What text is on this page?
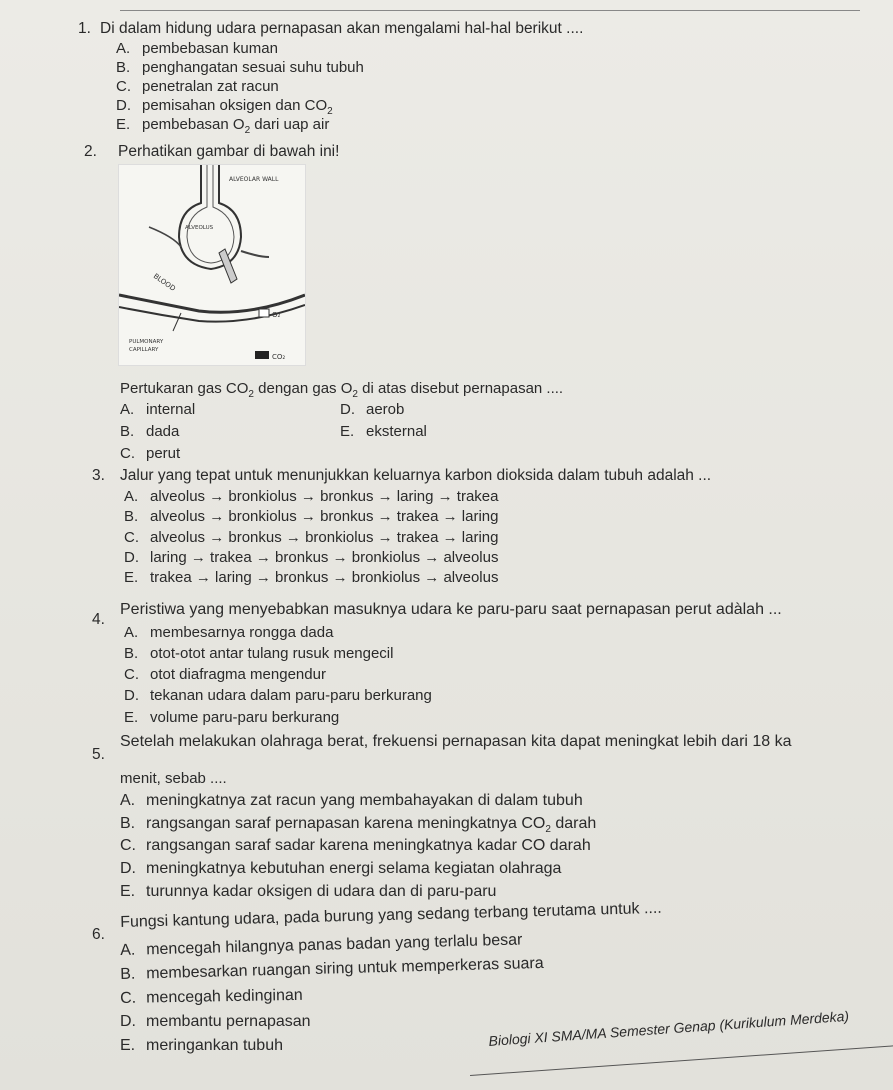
1. Di dalam hidung udara pernapasan akan mengalami hal-hal berikut ....
A. pembebasan kuman
B. penghangatan sesuai suhu tubuh
C. penetralan zat racun
D. pemisahan oksigen dan $CO_2$
E. pembebasan $O_2$ dari uap air
2. Perhatikan gambar di bawah ini!
ALVEOLAR WALL
ALVEOLUS
BLOOD
PULMONARY
CAPILLARY
O₂
CO₂
Pertukaran gas $CO_2$ dengan gas $O_2$ di atas disebut pernapasan ....
A. internal	D. aerob
B. dada	E. eksternal
C. perut
3. Jalur yang tepat untuk menunjukkan keluarnya karbon dioksida dalam tubuh adalah ...
A. alveolus → bronkiolus → bronkus → laring → trakea
B. alveolus → bronkiolus → bronkus → trakea → laring
C. alveolus → bronkus → bronkiolus → trakea → laring
D. laring → trakea → bronkus → bronkiolus → alveolus
E. trakea → laring → bronkus → bronkiolus → alveolus
4.
Peristiwa yang menyebabkan masuknya udara ke paru-paru saat pernapasan perut adàlah ...
A. membesarnya rongga dada
B. otot-otot antar tulang rusuk mengecil
C. otot diafragma mengendur
D. tekanan udara dalam paru-paru berkurang
E. volume paru-paru berkurang
5.
Setelah melakukan olahraga berat, frekuensi pernapasan kita dapat meningkat lebih dari 18 ka
menit, sebab ....
A. meningkatnya zat racun yang membahayakan di dalam tubuh
B. rangsangan saraf pernapasan karena meningkatnya $CO_2$ darah
C. rangsangan saraf sadar karena meningkatnya kadar CO darah
D. meningkatnya kebutuhan energi selama kegiatan olahraga
E. turunnya kadar oksigen di udara dan di paru-paru
6.
Fungsi kantung udara, pada burung yang sedang terbang terutama untuk ....
A. mencegah hilangnya panas badan yang terlalu besar
B. membesarkan ruangan siring untuk memperkeras suara
C. mencegah kedinginan
D. membantu pernapasan
E. meringankan tubuh	Biologi XI SMA/MA Semester Genap (Kurikulum Merdeka)
